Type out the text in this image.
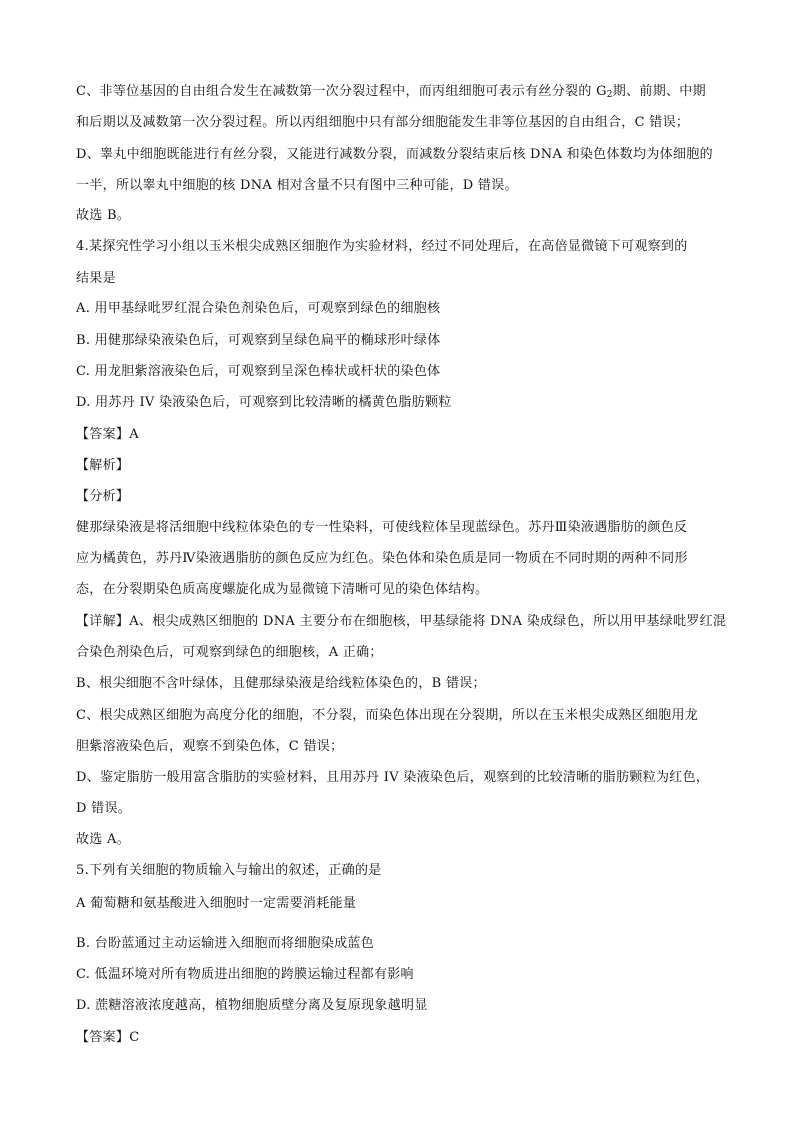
C、非等位基因的自由组合发生在减数第一次分裂过程中，而丙组细胞可表示有丝分裂的 $G_2$期、前期、中期
和后期以及减数第一次分裂过程。所以丙组细胞中只有部分细胞能发生非等位基因的自由组合，C 错误；
D、睾丸中细胞既能进行有丝分裂，又能进行减数分裂，而减数分裂结束后核 DNA 和染色体数均为体细胞的
一半，所以睾丸中细胞的核 DNA 相对含量不只有图中三种可能，D 错误。
故选 B。
4.某探究性学习小组以玉米根尖成熟区细胞作为实验材料，经过不同处理后，在高倍显微镜下可观察到的
结果是
A. 用甲基绿吡罗红混合染色剂染色后，可观察到绿色的细胞核
B. 用健那绿染液染色后，可观察到呈绿色扁平的椭球形叶绿体
C. 用龙胆紫溶液染色后，可观察到呈深色棒状或杆状的染色体
D. 用苏丹 IV 染液染色后，可观察到比较清晰的橘黄色脂肪颗粒
【答案】A
【解析】
【分析】
健那绿染液是将活细胞中线粒体染色的专一性染料，可使线粒体呈现蓝绿色。苏丹Ⅲ染液遇脂肪的颜色反
应为橘黄色，苏丹Ⅳ染液遇脂肪的颜色反应为红色。染色体和染色质是同一物质在不同时期的两种不同形
态，在分裂期染色质高度螺旋化成为显微镜下清晰可见的染色体结构。
【详解】A、根尖成熟区细胞的 DNA 主要分布在细胞核，甲基绿能将 DNA 染成绿色，所以用甲基绿吡罗红混
合染色剂染色后，可观察到绿色的细胞核，A 正确；
B、根尖细胞不含叶绿体，且健那绿染液是给线粒体染色的，B 错误；
C、根尖成熟区细胞为高度分化的细胞，不分裂，而染色体出现在分裂期，所以在玉米根尖成熟区细胞用龙
胆紫溶液染色后，观察不到染色体，C 错误；
D、鉴定脂肪一般用富含脂肪的实验材料，且用苏丹 IV 染液染色后，观察到的比较清晰的脂肪颗粒为红色，
D 错误。
故选 A。
5.下列有关细胞的物质输入与输出的叙述，正确的是
A 葡萄糖和氨基酸进入细胞时一定需要消耗能量
B. 台盼蓝通过主动运输进入细胞而将细胞染成蓝色
C. 低温环境对所有物质进出细胞的跨膜运输过程都有影响
D. 蔗糖溶液浓度越高，植物细胞质壁分离及复原现象越明显
【答案】C
